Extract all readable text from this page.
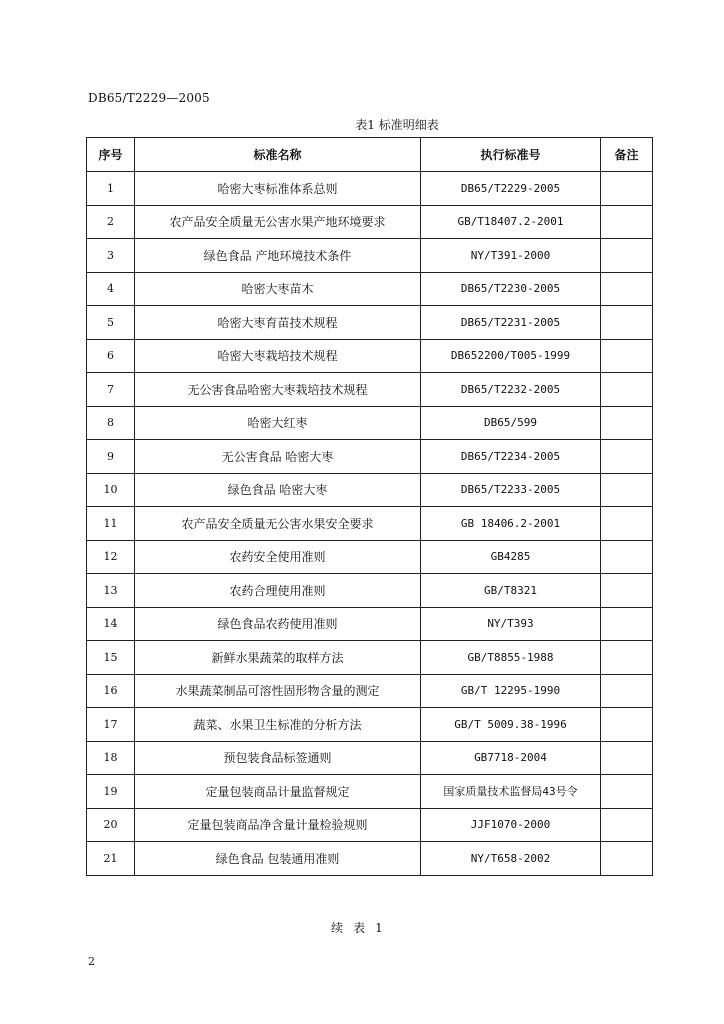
DB65/T2229—2005
表1 标准明细表
序号	标准名称	执行标准号	备注
1	哈密大枣标准体系总则	DB65/T2229-2005	
2	农产品安全质量无公害水果产地环境要求	GB/T18407.2-2001	
3	绿色食品 产地环境技术条件	NY/T391-2000	
4	哈密大枣苗木	DB65/T2230-2005	
5	哈密大枣育苗技术规程	DB65/T2231-2005	
6	哈密大枣栽培技术规程	DB652200/T005-1999	
7	无公害食品哈密大枣栽培技术规程	DB65/T2232-2005	
8	哈密大红枣	DB65/599	
9	无公害食品 哈密大枣	DB65/T2234-2005	
10	绿色食品 哈密大枣	DB65/T2233-2005	
11	农产品安全质量无公害水果安全要求	GB 18406.2-2001	
12	农药安全使用准则	GB4285	
13	农药合理使用准则	GB/T8321	
14	绿色食品农药使用准则	NY/T393	
15	新鲜水果蔬菜的取样方法	GB/T8855-1988	
16	水果蔬菜制品可溶性固形物含量的测定	GB/T 12295-1990	
17	蔬菜、水果卫生标准的分析方法	GB/T 5009.38-1996	
18	预包装食品标签通则	GB7718-2004	
19	定量包装商品计量监督规定	国家质量技术监督局43号令	
20	定量包装商品净含量计量检验规则	JJF1070-2000	
21	绿色食品 包装通用准则	NY/T658-2002	
续表1
2
